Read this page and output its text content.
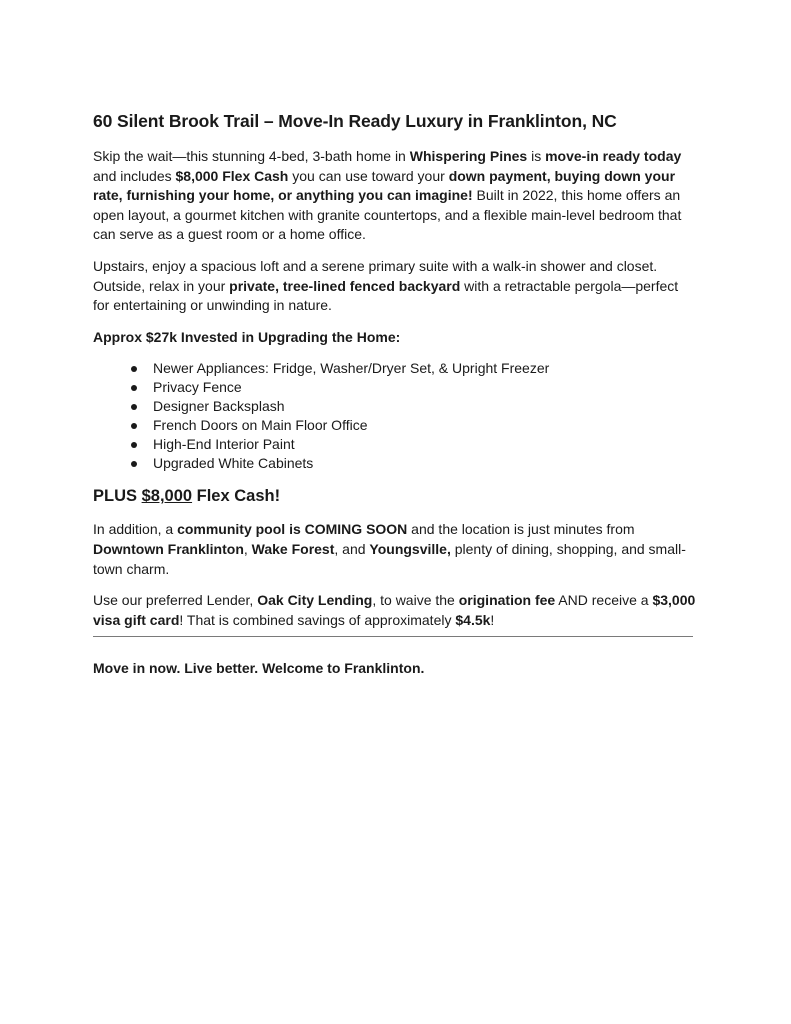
60 Silent Brook Trail – Move-In Ready Luxury in Franklinton, NC

Skip the wait—this stunning 4-bed, 3-bath home in Whispering Pines is move-in ready today and includes $8,000 Flex Cash you can use toward your down payment, buying down your rate, furnishing your home, or anything you can imagine! Built in 2022, this home offers an open layout, a gourmet kitchen with granite countertops, and a flexible main-level bedroom that can serve as a guest room or a home office.

Upstairs, enjoy a spacious loft and a serene primary suite with a walk-in shower and closet. Outside, relax in your private, tree-lined fenced backyard with a retractable pergola—perfect for entertaining or unwinding in nature.

Approx $27k Invested in Upgrading the Home:

Newer Appliances: Fridge, Washer/Dryer Set, & Upright Freezer
Privacy Fence
Designer Backsplash
French Doors on Main Floor Office
High-End Interior Paint
Upgraded White Cabinets
PLUS $8,000 Flex Cash!

In addition, a community pool is COMING SOON and the location is just minutes from Downtown Franklinton, Wake Forest, and Youngsville, plenty of dining, shopping, and small-town charm.

Use our preferred Lender, Oak City Lending, to waive the origination fee AND receive a $3,000 visa gift card! That is combined savings of approximately $4.5k!

Move in now. Live better. Welcome to Franklinton.
